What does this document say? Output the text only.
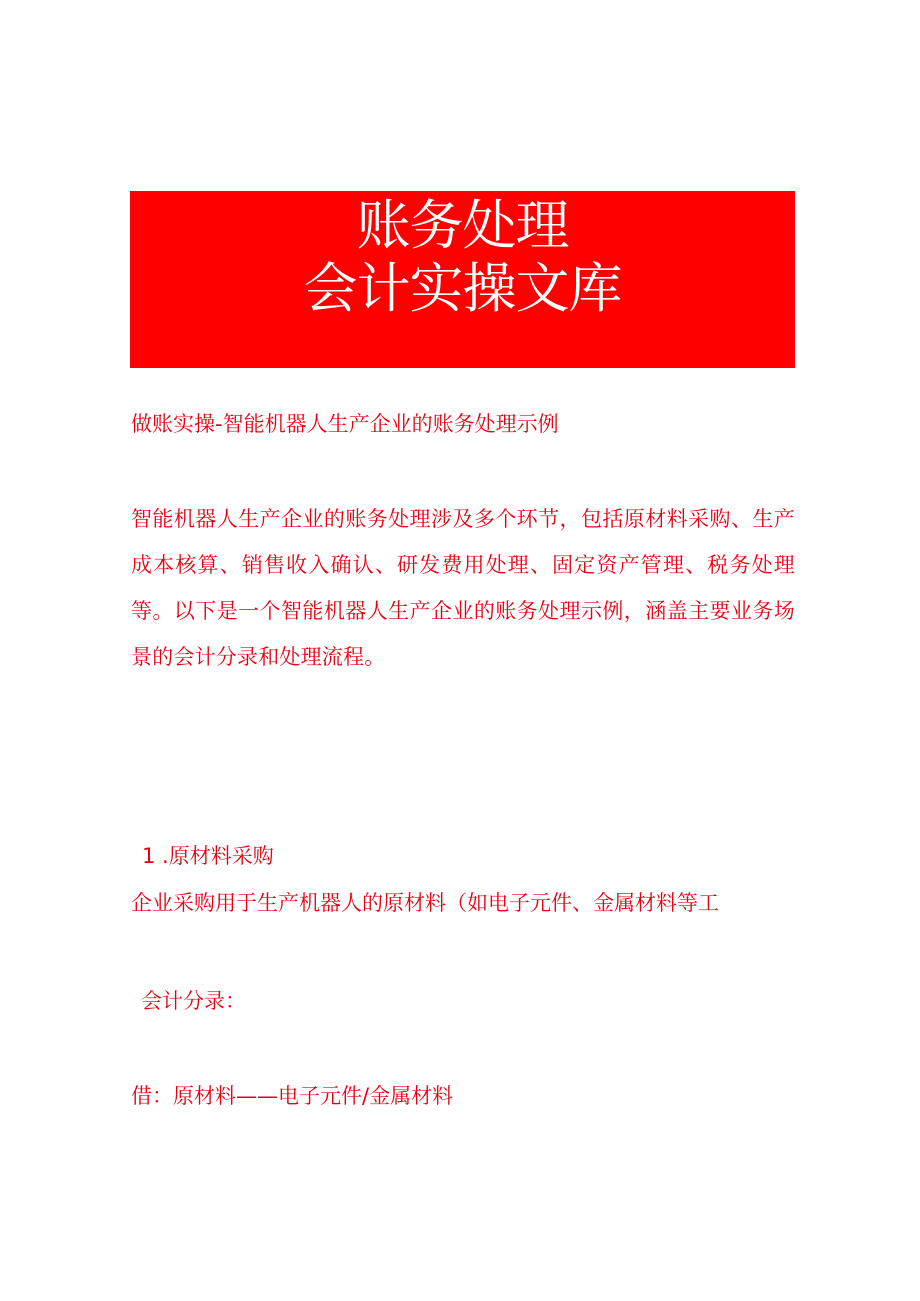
账务处理
会计实操文库
做账实操-智能机器人生产企业的账务处理示例
智能机器人生产企业的账务处理涉及多个环节，包括原材料采购、生产成本核算、销售收入确认、研发费用处理、固定资产管理、税务处理等。以下是一个智能机器人生产企业的账务处理示例，涵盖主要业务场景的会计分录和处理流程。
1 .原材料采购
企业采购用于生产机器人的原材料（如电子元件、金属材料等工
会计分录：
借：原材料——电子元件/金属材料
